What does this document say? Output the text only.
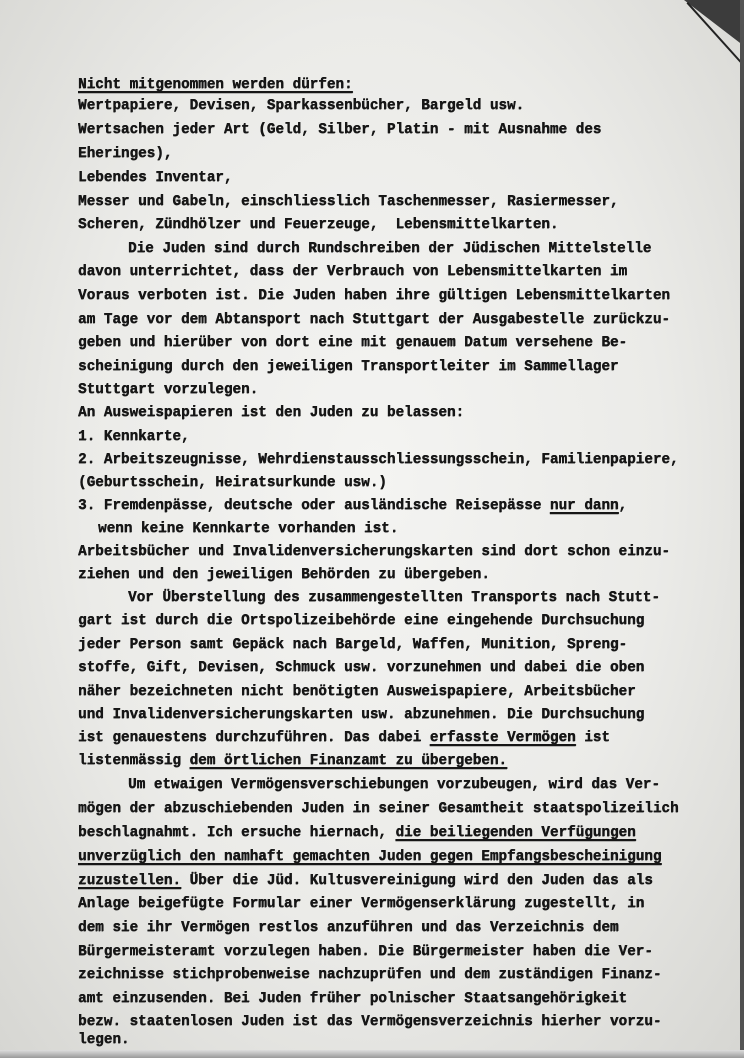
Nicht mitgenommen werden dürfen:
Wertpapiere, Devisen, Sparkassenbücher, Bargeld usw.
Wertsachen jeder Art (Geld, Silber, Platin - mit Ausnahme des
Eheringes),
Lebendes Inventar,
Messer und Gabeln, einschliesslich Taschenmesser, Rasiermesser,
Scheren, Zündhölzer und Feuerzeuge,  Lebensmittelkarten.
Die Juden sind durch Rundschreiben der Jüdischen Mittelstelle
davon unterrichtet, dass der Verbrauch von Lebensmittelkarten im
Voraus verboten ist. Die Juden haben ihre gültigen Lebensmittelkarten
am Tage vor dem Abtansport nach Stuttgart der Ausgabestelle zurückzu-
geben und hierüber von dort eine mit genauem Datum versehene Be-
scheinigung durch den jeweiligen Transportleiter im Sammellager
Stuttgart vorzulegen.
An Ausweispapieren ist den Juden zu belassen:
1. Kennkarte,
2. Arbeitszeugnisse, Wehrdienstausschliessungsschein, Familienpapiere,
(Geburtsschein, Heiratsurkunde usw.)
3. Fremdenpässe, deutsche oder ausländische Reisepässe nur dann,
wenn keine Kennkarte vorhanden ist.
Arbeitsbücher und Invalidenversicherungskarten sind dort schon einzu-
ziehen und den jeweiligen Behörden zu übergeben.
Vor Überstellung des zusammengestellten Transports nach Stutt-
gart ist durch die Ortspolizeibehörde eine eingehende Durchsuchung
jeder Person samt Gepäck nach Bargeld, Waffen, Munition, Spreng-
stoffe, Gift, Devisen, Schmuck usw. vorzunehmen und dabei die oben
näher bezeichneten nicht benötigten Ausweispapiere, Arbeitsbücher
und Invalidenversicherungskarten usw. abzunehmen. Die Durchsuchung
ist genauestens durchzuführen. Das dabei erfasste Vermögen ist
listenmässig dem örtlichen Finanzamt zu übergeben.
Um etwaigen Vermögensverschiebungen vorzubeugen, wird das Ver-
mögen der abzuschiebenden Juden in seiner Gesamtheit staatspolizeilich
beschlagnahmt. Ich ersuche hiernach, die beiliegenden Verfügungen
unverzüglich den namhaft gemachten Juden gegen Empfangsbescheinigung
zuzustellen. Über die Jüd. Kultusvereinigung wird den Juden das als
Anlage beigefügte Formular einer Vermögenserklärung zugestellt, in
dem sie ihr Vermögen restlos anzuführen und das Verzeichnis dem
Bürgermeisteramt vorzulegen haben. Die Bürgermeister haben die Ver-
zeichnisse stichprobenweise nachzuprüfen und dem zuständigen Finanz-
amt einzusenden. Bei Juden früher polnischer Staatsangehörigkeit
bezw. staatenlosen Juden ist das Vermögensverzeichnis hierher vorzu-
legen.
